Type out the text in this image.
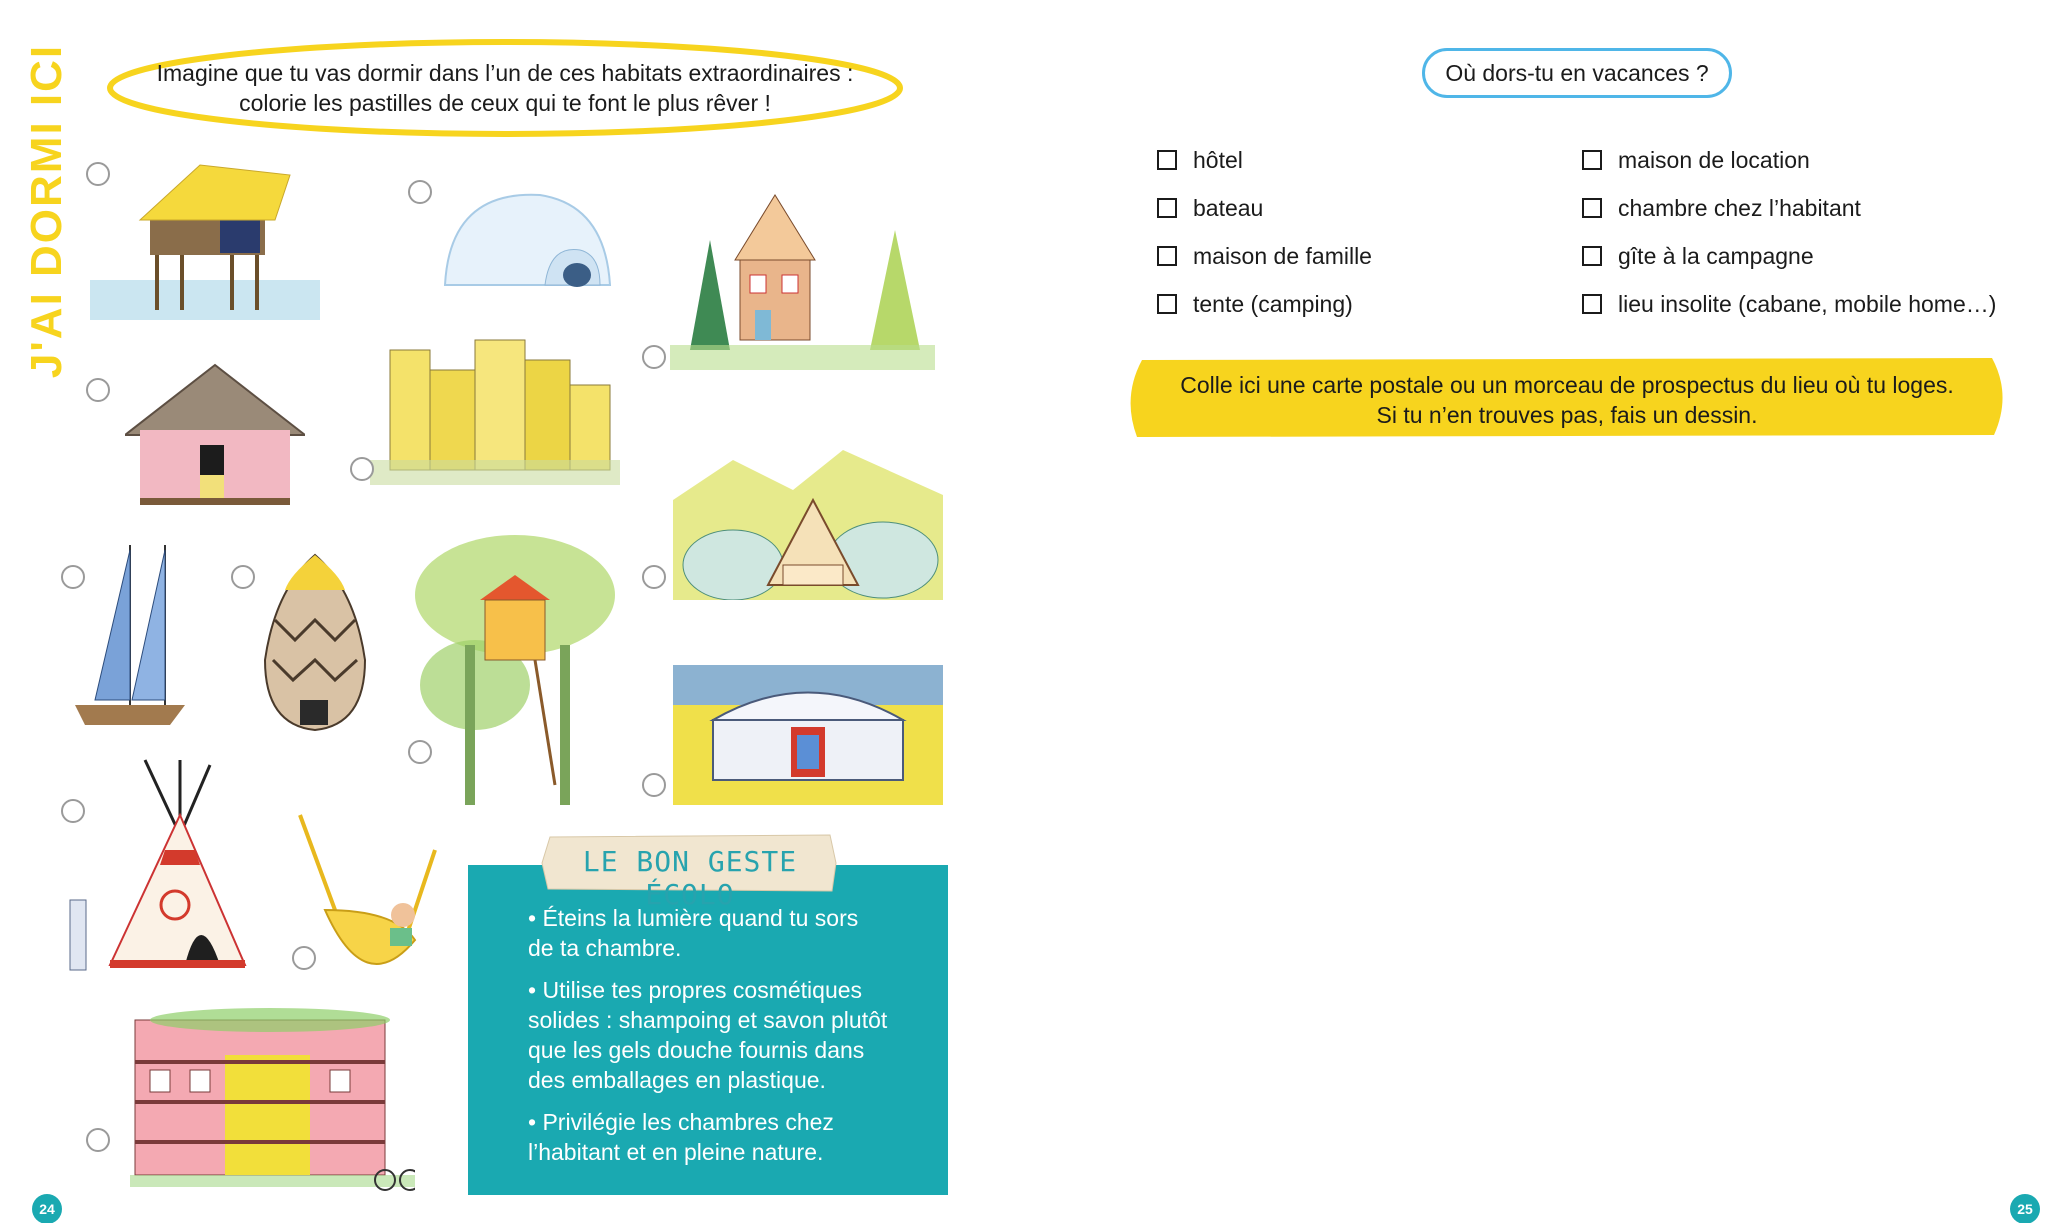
J'AI DORMI ICI	Imagine que tu vas dormir dans l’un de ces habitats extraordinaires :
colorie les pastilles de ceux qui te font le plus rêver !

• Éteins la lumière quand tu sors
de ta chambre.
• Utilise tes propres cosmétiques
solides : shampoing et savon plutôt
que les gels douche fournis dans
des emballages en plastique.
• Privilégie les chambres chez
l’habitant et en pleine nature.
LE BON GESTE ÉCOLO
24
Où dors-tu en vacances ?
hôtel
bateau
maison de famille
tente (camping)
maison de location
chambre chez l’habitant
gîte à la campagne
lieu insolite (cabane, mobile home…)

Colle ici une carte postale ou un morceau de prospectus du lieu où tu loges.
Si tu n’en trouves pas, fais un dessin.

25
